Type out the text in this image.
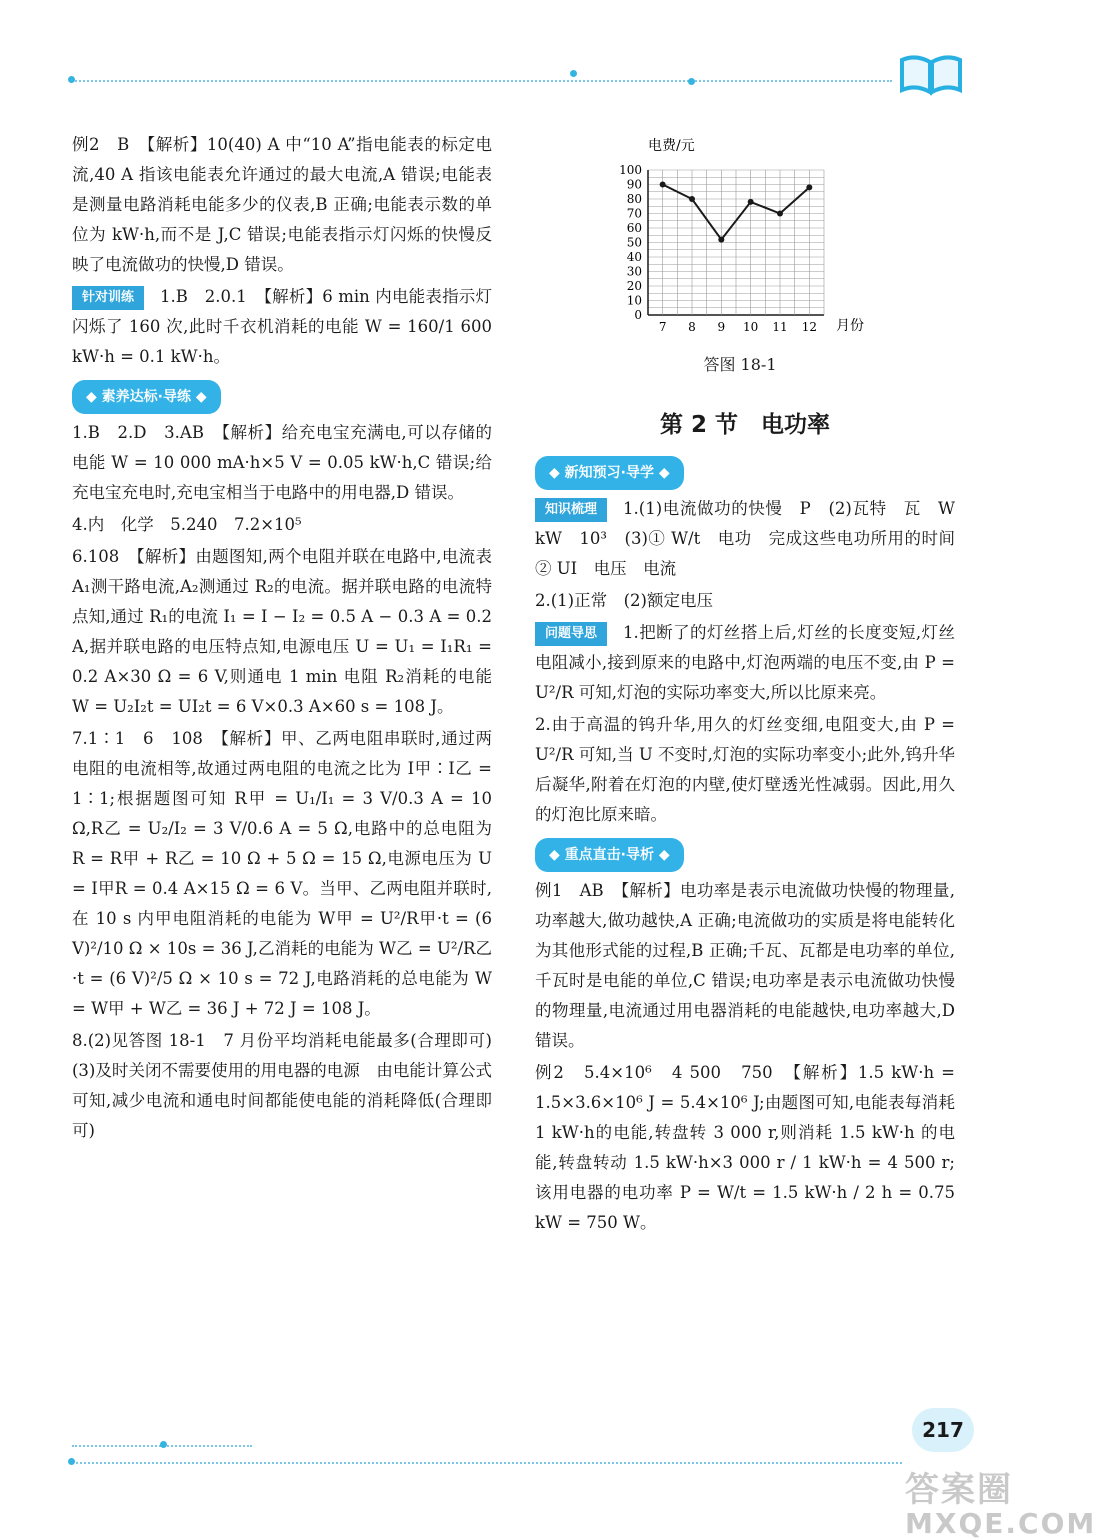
例2　B　【解析】10(40) A 中“10 A”指电能表的标定电流,40 A 指该电能表允许通过的最大电流,A 错误;电能表是测量电路消耗电能多少的仪表,B 正确;电能表示数的单位为 kW·h,而不是 J,C 错误;电能表指示灯闪烁的快慢反映了电流做功的快慢,D 错误。

针对训练 1.B　2.0.1　【解析】6 min 内电能表指示灯闪烁了 160 次,此时千衣机消耗的电能 W = 160/1 600 kW·h = 0.1 kW·h。

◆ 素养达标·导练 ◆

1.B　2.D　3.AB　【解析】给充电宝充满电,可以存储的电能 W = 10 000 mA·h×5 V = 0.05 kW·h,C 错误;给充电宝充电时,充电宝相当于电路中的用电器,D 错误。

4.内　化学　5.240　7.2×10⁵

6.108　【解析】由题图知,两个电阻并联在电路中,电流表 A₁测干路电流,A₂测通过 R₂的电流。据并联电路的电流特点知,通过 R₁的电流 I₁ = I − I₂ = 0.5 A − 0.3 A = 0.2 A,据并联电路的电压特点知,电源电压 U = U₁ = I₁R₁ = 0.2 A×30 Ω = 6 V,则通电 1 min 电阻 R₂消耗的电能 W = U₂I₂t = UI₂t = 6 V×0.3 A×60 s = 108 J。

7.1∶1　6　108　【解析】甲、乙两电阻串联时,通过两电阻的电流相等,故通过两电阻的电流之比为 I甲∶I乙 = 1∶1;根据题图可知 R甲 = U₁/I₁ = 3 V/0.3 A = 10 Ω,R乙 = U₂/I₂ = 3 V/0.6 A = 5 Ω,电路中的总电阻为 R = R甲 + R乙 = 10 Ω + 5 Ω = 15 Ω,电源电压为 U = I甲R = 0.4 A×15 Ω = 6 V。当甲、乙两电阻并联时,在 10 s 内甲电阻消耗的电能为 W甲 = U²/R甲·t = (6 V)²/10 Ω × 10s = 36 J,乙消耗的电能为 W乙 = U²/R乙·t = (6 V)²/5 Ω × 10 s = 72 J,电路消耗的总电能为 W = W甲 + W乙 = 36 J + 72 J = 108 J。

8.(2)见答图 18-1　7 月份平均消耗电能最多(合理即可)　(3)及时关闭不需要使用的用电器的电源　由电能计算公式可知,减少电流和通电时间都能使电能的消耗降低(合理即可)

0
10
20
30
40
50
60
70
80
90
100
7 8 9 10 11 12
电费/元
月份
答图 18-1
第 2 节　电功率
◆ 新知预习·导学 ◆

知识梳理 1.(1)电流做功的快慢　P　(2)瓦特　瓦　W　kW　10³　(3)① W/t　电功　完成这些电功所用的时间　② UI　电压　电流

2.(1)正常　(2)额定电压

问题导思 1.把断了的灯丝搭上后,灯丝的长度变短,灯丝电阻减小,接到原来的电路中,灯泡两端的电压不变,由 P = U²/R 可知,灯泡的实际功率变大,所以比原来亮。

2.由于高温的钨升华,用久的灯丝变细,电阻变大,由 P = U²/R 可知,当 U 不变时,灯泡的实际功率变小;此外,钨升华后凝华,附着在灯泡的内壁,使灯壁透光性减弱。因此,用久的灯泡比原来暗。

◆ 重点直击·导析 ◆

例1　AB　【解析】电功率是表示电流做功快慢的物理量,功率越大,做功越快,A 正确;电流做功的实质是将电能转化为其他形式能的过程,B 正确;千瓦、瓦都是电功率的单位,千瓦时是电能的单位,C 错误;电功率是表示电流做功快慢的物理量,电流通过用电器消耗的电能越快,电功率越大,D 错误。

例2　5.4×10⁶　4 500　750　【解析】1.5 kW·h = 1.5×3.6×10⁶ J = 5.4×10⁶ J;由题图可知,电能表每消耗1 kW·h的电能,转盘转 3 000 r,则消耗 1.5 kW·h 的电能,转盘转动 1.5 kW·h×3 000 r / 1 kW·h = 4 500 r;该用电器的电功率 P = W/t = 1.5 kW·h / 2 h = 0.75 kW = 750 W。

217
答案圈
MXQE.COM
